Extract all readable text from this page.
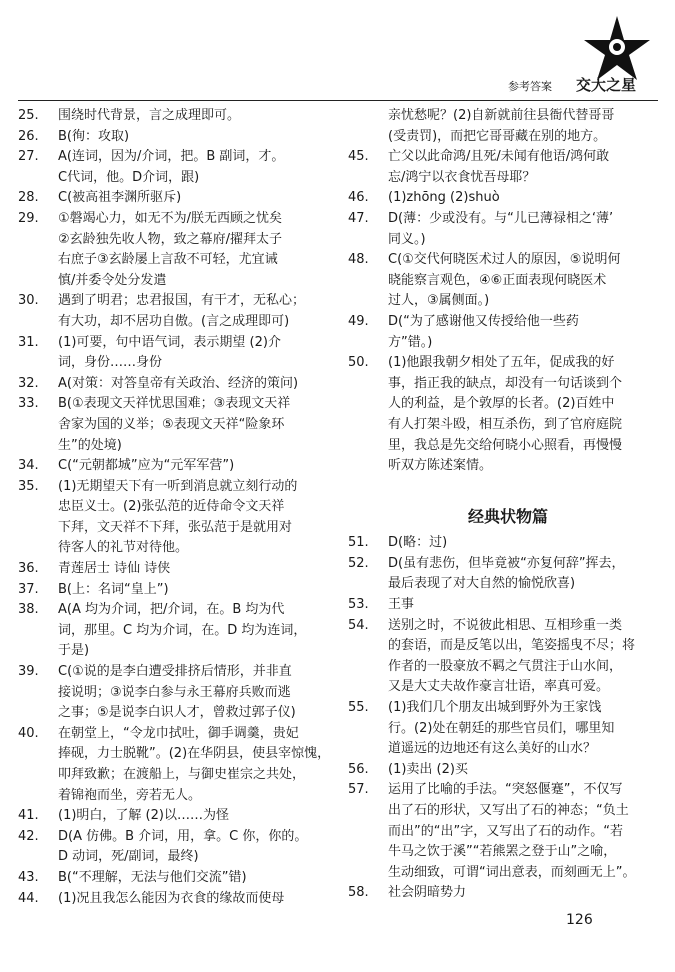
参考答案 交大之星
25.	围绕时代背景，言之成理即可。
26.	B(徇：攻取)
27.	A(连词，因为/介词，把。B 副词，才。
C代词，他。D介词，跟)
28.	C(被高祖李渊所驱斥)
29.	①磐竭心力，如无不为/朕无西顾之忧矣
②玄龄独先收人物，致之幕府/擢拜太子
右庶子③玄龄屡上言敌不可轻，尤宜诫
慎/并委令处分发遣
30.	遇到了明君；忠君报国，有干才，无私心；
有大功，却不居功自傲。(言之成理即可)
31.	(1)可要，句中语气词，表示期望 (2)介
词，身份……身份
32.	A(对策：对答皇帝有关政治、经济的策问)
33.	B(①表现文天祥忧思国难；③表现文天祥
舍家为国的义举；⑤表现文天祥“险象环
生”的处境)
34.	C(“元朝都城”应为“元军军营”)
35.	(1)无期望天下有一听到消息就立刻行动的
忠臣义士。(2)张弘范的近侍命令文天祥
下拜，文天祥不下拜，张弘范于是就用对
待客人的礼节对待他。
36.	青莲居士 诗仙 诗侠
37.	B(上：名词“皇上”)
38.	A(A 均为介词，把/介词，在。B 均为代
词，那里。C 均为介词，在。D 均为连词，
于是)
39.	C(①说的是李白遭受排挤后情形，并非直
接说明；③说李白参与永王幕府兵败而逃
之事；⑤是说李白识人才，曾救过郭子仪)
40.	在朝堂上，“令龙巾拭吐，御手调羹，贵妃
捧砚，力士脱靴”。(2)在华阴县，使县宰惊愧，
叩拜致歉；在渡船上，与御史崔宗之共处，
着锦袍而坐，旁若无人。
41.	(1)明白，了解 (2)以……为怪
42.	D(A 仿佛。B 介词，用，拿。C 你，你的。
D 动词，死/副词，最终)
43.	B(“不理解，无法与他们交流”错)
44.	(1)况且我怎么能因为衣食的缘故而使母
亲忧愁呢？(2)自新就前往县衙代替哥哥
(受责罚)，而把它哥哥藏在别的地方。
45.	亡父以此命鸿/且死/未闻有他语/鸿何敢
忘/鸿宁以衣食忧吾母耶？
46.	(1)zhōng (2)shuò
47.	D(薄：少或没有。与“儿已薄禄相之‘薄’
同义。)
48.	C(①交代何晓医术过人的原因，⑤说明何
晓能察言观色，④⑥正面表现何晓医术
过人，③属侧面。)
49.	D(“为了感谢他又传授给他一些药
方”错。)
50.	(1)他跟我朝夕相处了五年，促成我的好
事，指正我的缺点，却没有一句话谈到个
人的利益，是个敦厚的长者。(2)百姓中
有人打架斗殴，相互杀伤，到了官府庭院
里，我总是先交给何晓小心照看，再慢慢
听双方陈述案情。
经典状物篇
51.	D(略：过)
52.	D(虽有悲伤，但毕竟被“亦复何辞”挥去，
最后表现了对大自然的愉悦欣喜)
53.	王事
54.	送别之时，不说彼此相思、互相珍重一类
的套语，而是反笔以出，笔姿摇曳不尽；将
作者的一股豪放不羁之气贯注于山水间，
又是大丈夫故作豪言壮语，率真可爱。
55.	(1)我们几个朋友出城到野外为王家饯
行。(2)处在朝廷的那些官员们，哪里知
道遥远的边地还有这么美好的山水？
56.	(1)卖出 (2)买
57.	运用了比喻的手法。“突怒偃蹇”，不仅写
出了石的形状，又写出了石的神态；“负土
而出”的“出”字，又写出了石的动作。“若
牛马之饮于溪”“若熊罴之登于山”之喻，
生动细致，可谓“词出意表，而刻画无上”。
58.	社会阴暗势力
126
